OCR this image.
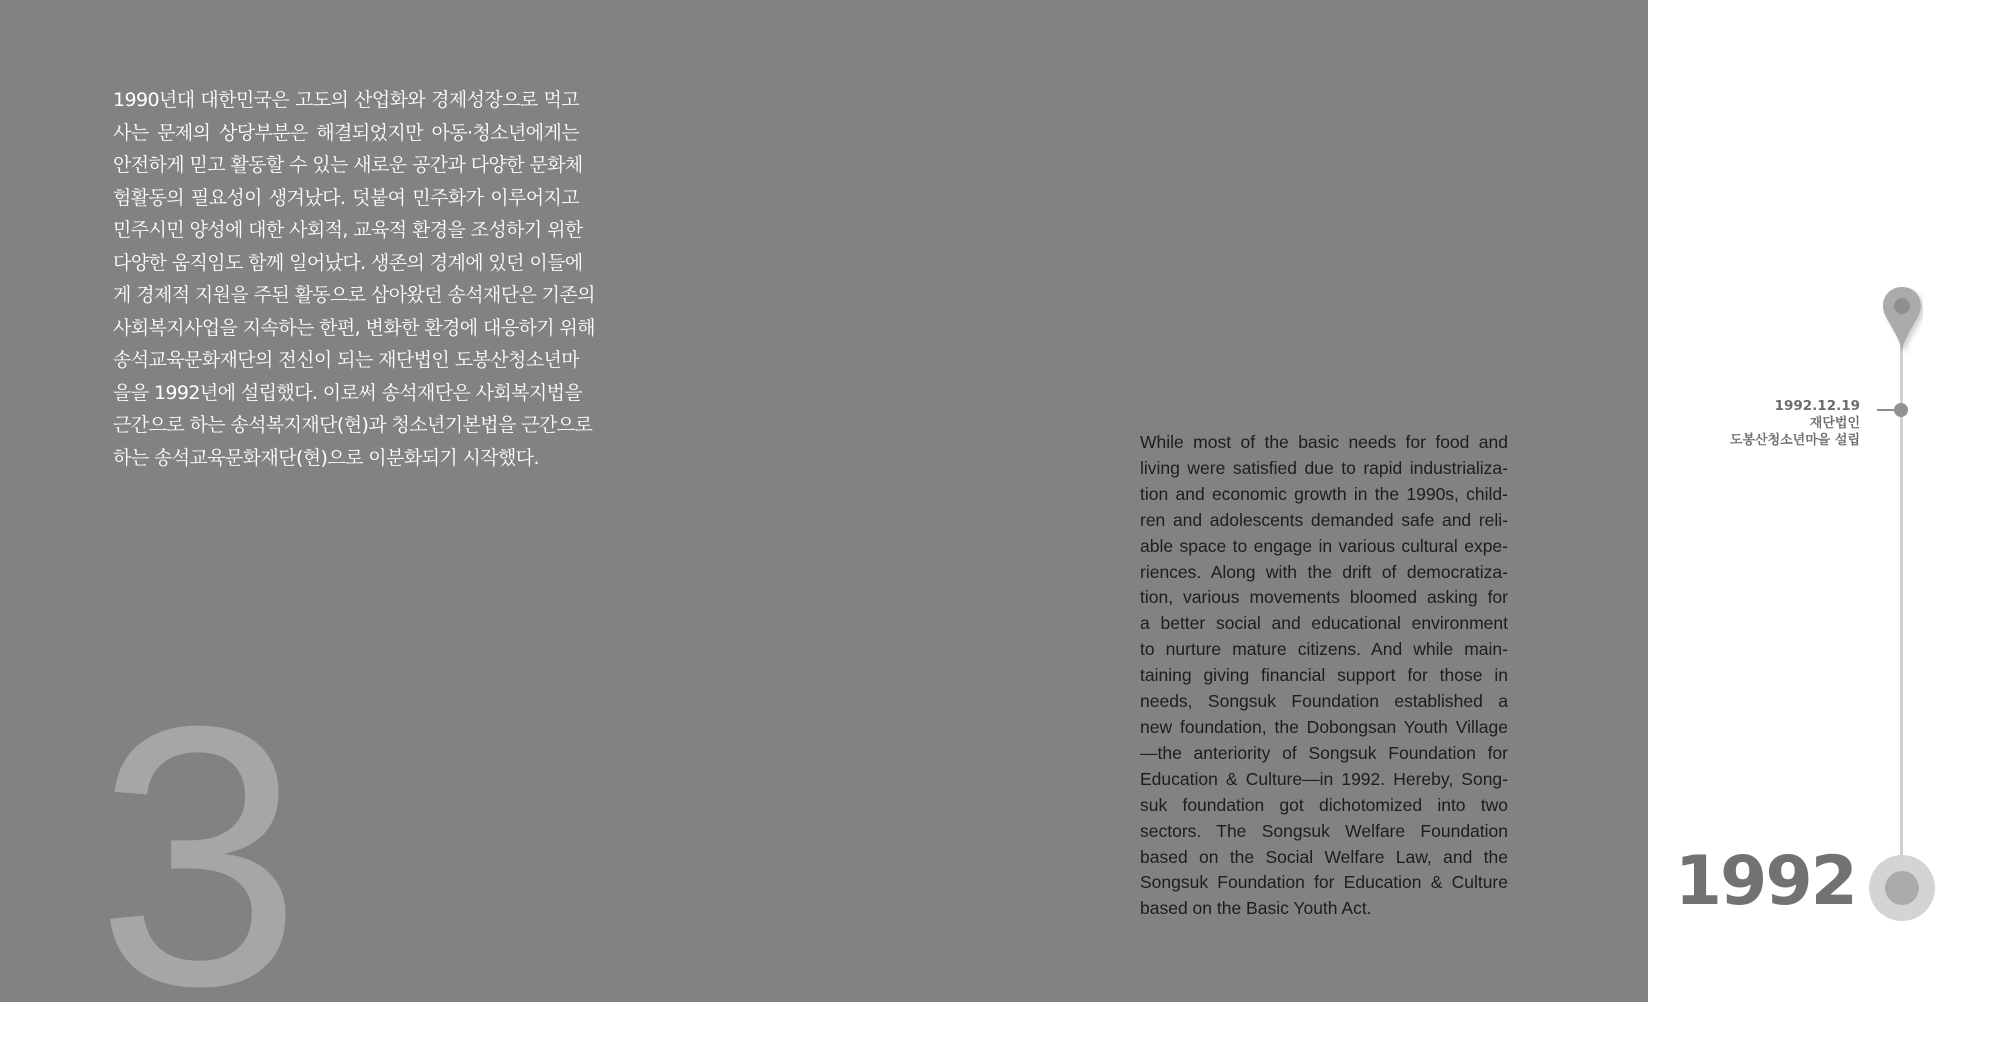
1990년대 대한민국은 고도의 산업화와 경제성장으로 먹고
사는 문제의 상당부분은 해결되었지만 아동·청소년에게는
안전하게 믿고 활동할 수 있는 새로운 공간과 다양한 문화체
험활동의 필요성이 생겨났다. 덧붙여 민주화가 이루어지고
민주시민 양성에 대한 사회적, 교육적 환경을 조성하기 위한
다양한 움직임도 함께 일어났다. 생존의 경계에 있던 이들에
게 경제적 지원을 주된 활동으로 삼아왔던 송석재단은 기존의
사회복지사업을 지속하는 한편, 변화한 환경에 대응하기 위해
송석교육문화재단의 전신이 되는 재단법인 도봉산청소년마
을을 1992년에 설립했다. 이로써 송석재단은 사회복지법을
근간으로 하는 송석복지재단(현)과 청소년기본법을 근간으로
하는 송석교육문화재단(현)으로 이분화되기 시작했다.
3
While most of the basic needs for food and
living were satisfied due to rapid industrializa-
tion and economic growth in the 1990s, child-
ren and adolescents demanded safe and reli-
able space to engage in various cultural expe-
riences. Along with the drift of democratiza-
tion, various movements bloomed asking for
a better social and educational environment
to nurture mature citizens. And while main-
taining giving financial support for those in
needs, Songsuk Foundation established a
new foundation, the Dobongsan Youth Village
—the anteriority of Songsuk Foundation for
Education & Culture—in 1992. Hereby, Song-
suk foundation got dichotomized into two
sectors. The Songsuk Welfare Foundation
based on the Social Welfare Law, and the
Songsuk Foundation for Education & Culture
based on the Basic Youth Act.
1992.12.19
재단법인
도봉산청소년마을 설립
1992
